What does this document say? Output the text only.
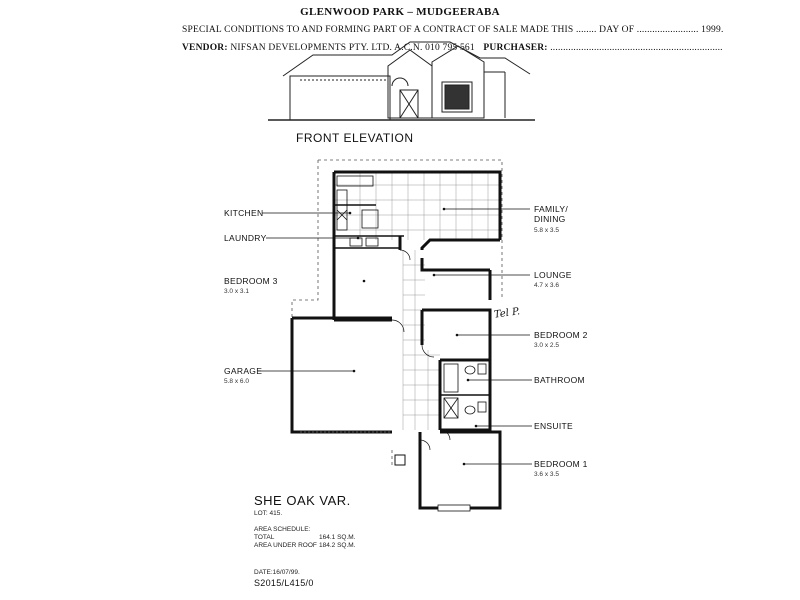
GLENWOOD PARK – MUDGEERABA
SPECIAL CONDITIONS TO AND FORMING PART OF A CONTRACT OF SALE MADE THIS ........ DAY OF ........................ 1999.
VENDOR: NIFSAN DEVELOPMENTS PTY. LTD. A.C.N. 010 795 561 PURCHASER: ...................................................................
FRONT ELEVATION
KITCHEN
LAUNDRY
FAMILY/
DINING
5.8 x 3.5
BEDROOM 3
3.0 x 3.1
LOUNGE
4.7 x 3.6
BEDROOM 2
3.0 x 2.5
GARAGE
5.8 x 6.0	BATHROOM
ENSUITE
BEDROOM 1
3.6 x 3.5
Tel P.
SHE OAK VAR.
LOT: 415.
AREA SCHEDULE:
TOTAL	164.1 SQ.M.
AREA UNDER ROOF 184.2 SQ.M.
DATE:16/07/99.
S2015/L415/0
